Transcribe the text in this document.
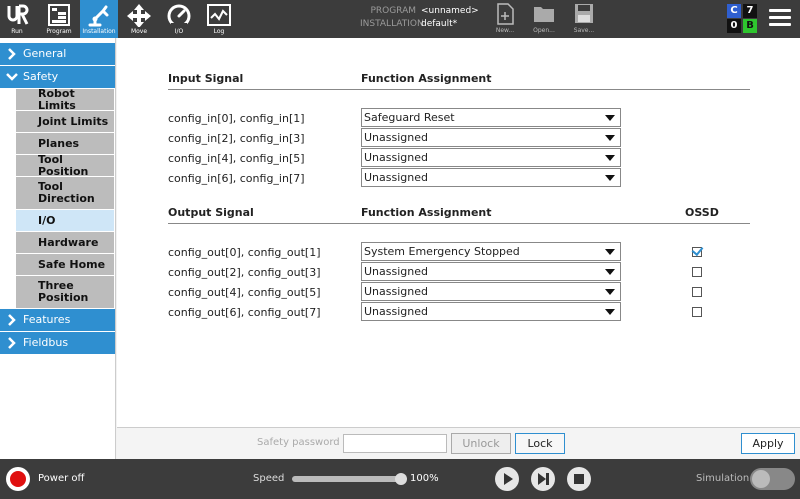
Run	Program	Installation	Move	I/O	Log
PROGRAM <unnamed>
INSTALLATIONdefault*
New...	Open...	Save...
C 7
0 B
General
Safety
Robot Limits
Joint Limits
Planes
Tool Position
Tool Direction
I/O
Hardware
Safe Home
Three Position
Features
Fieldbus
Input Signal	Function Assignment
config_in[0], config_in[1]	Safeguard Reset
config_in[2], config_in[3]	Unassigned
config_in[4], config_in[5]	Unassigned
config_in[6], config_in[7]	Unassigned
Output Signal	Function Assignment	OSSD
config_out[0], config_out[1]	System Emergency Stopped
config_out[2], config_out[3]	Unassigned
config_out[4], config_out[5]	Unassigned
config_out[6], config_out[7]	Unassigned
Safety password	Unlock	Lock	Apply
Power off	Speed	100%	Simulation
